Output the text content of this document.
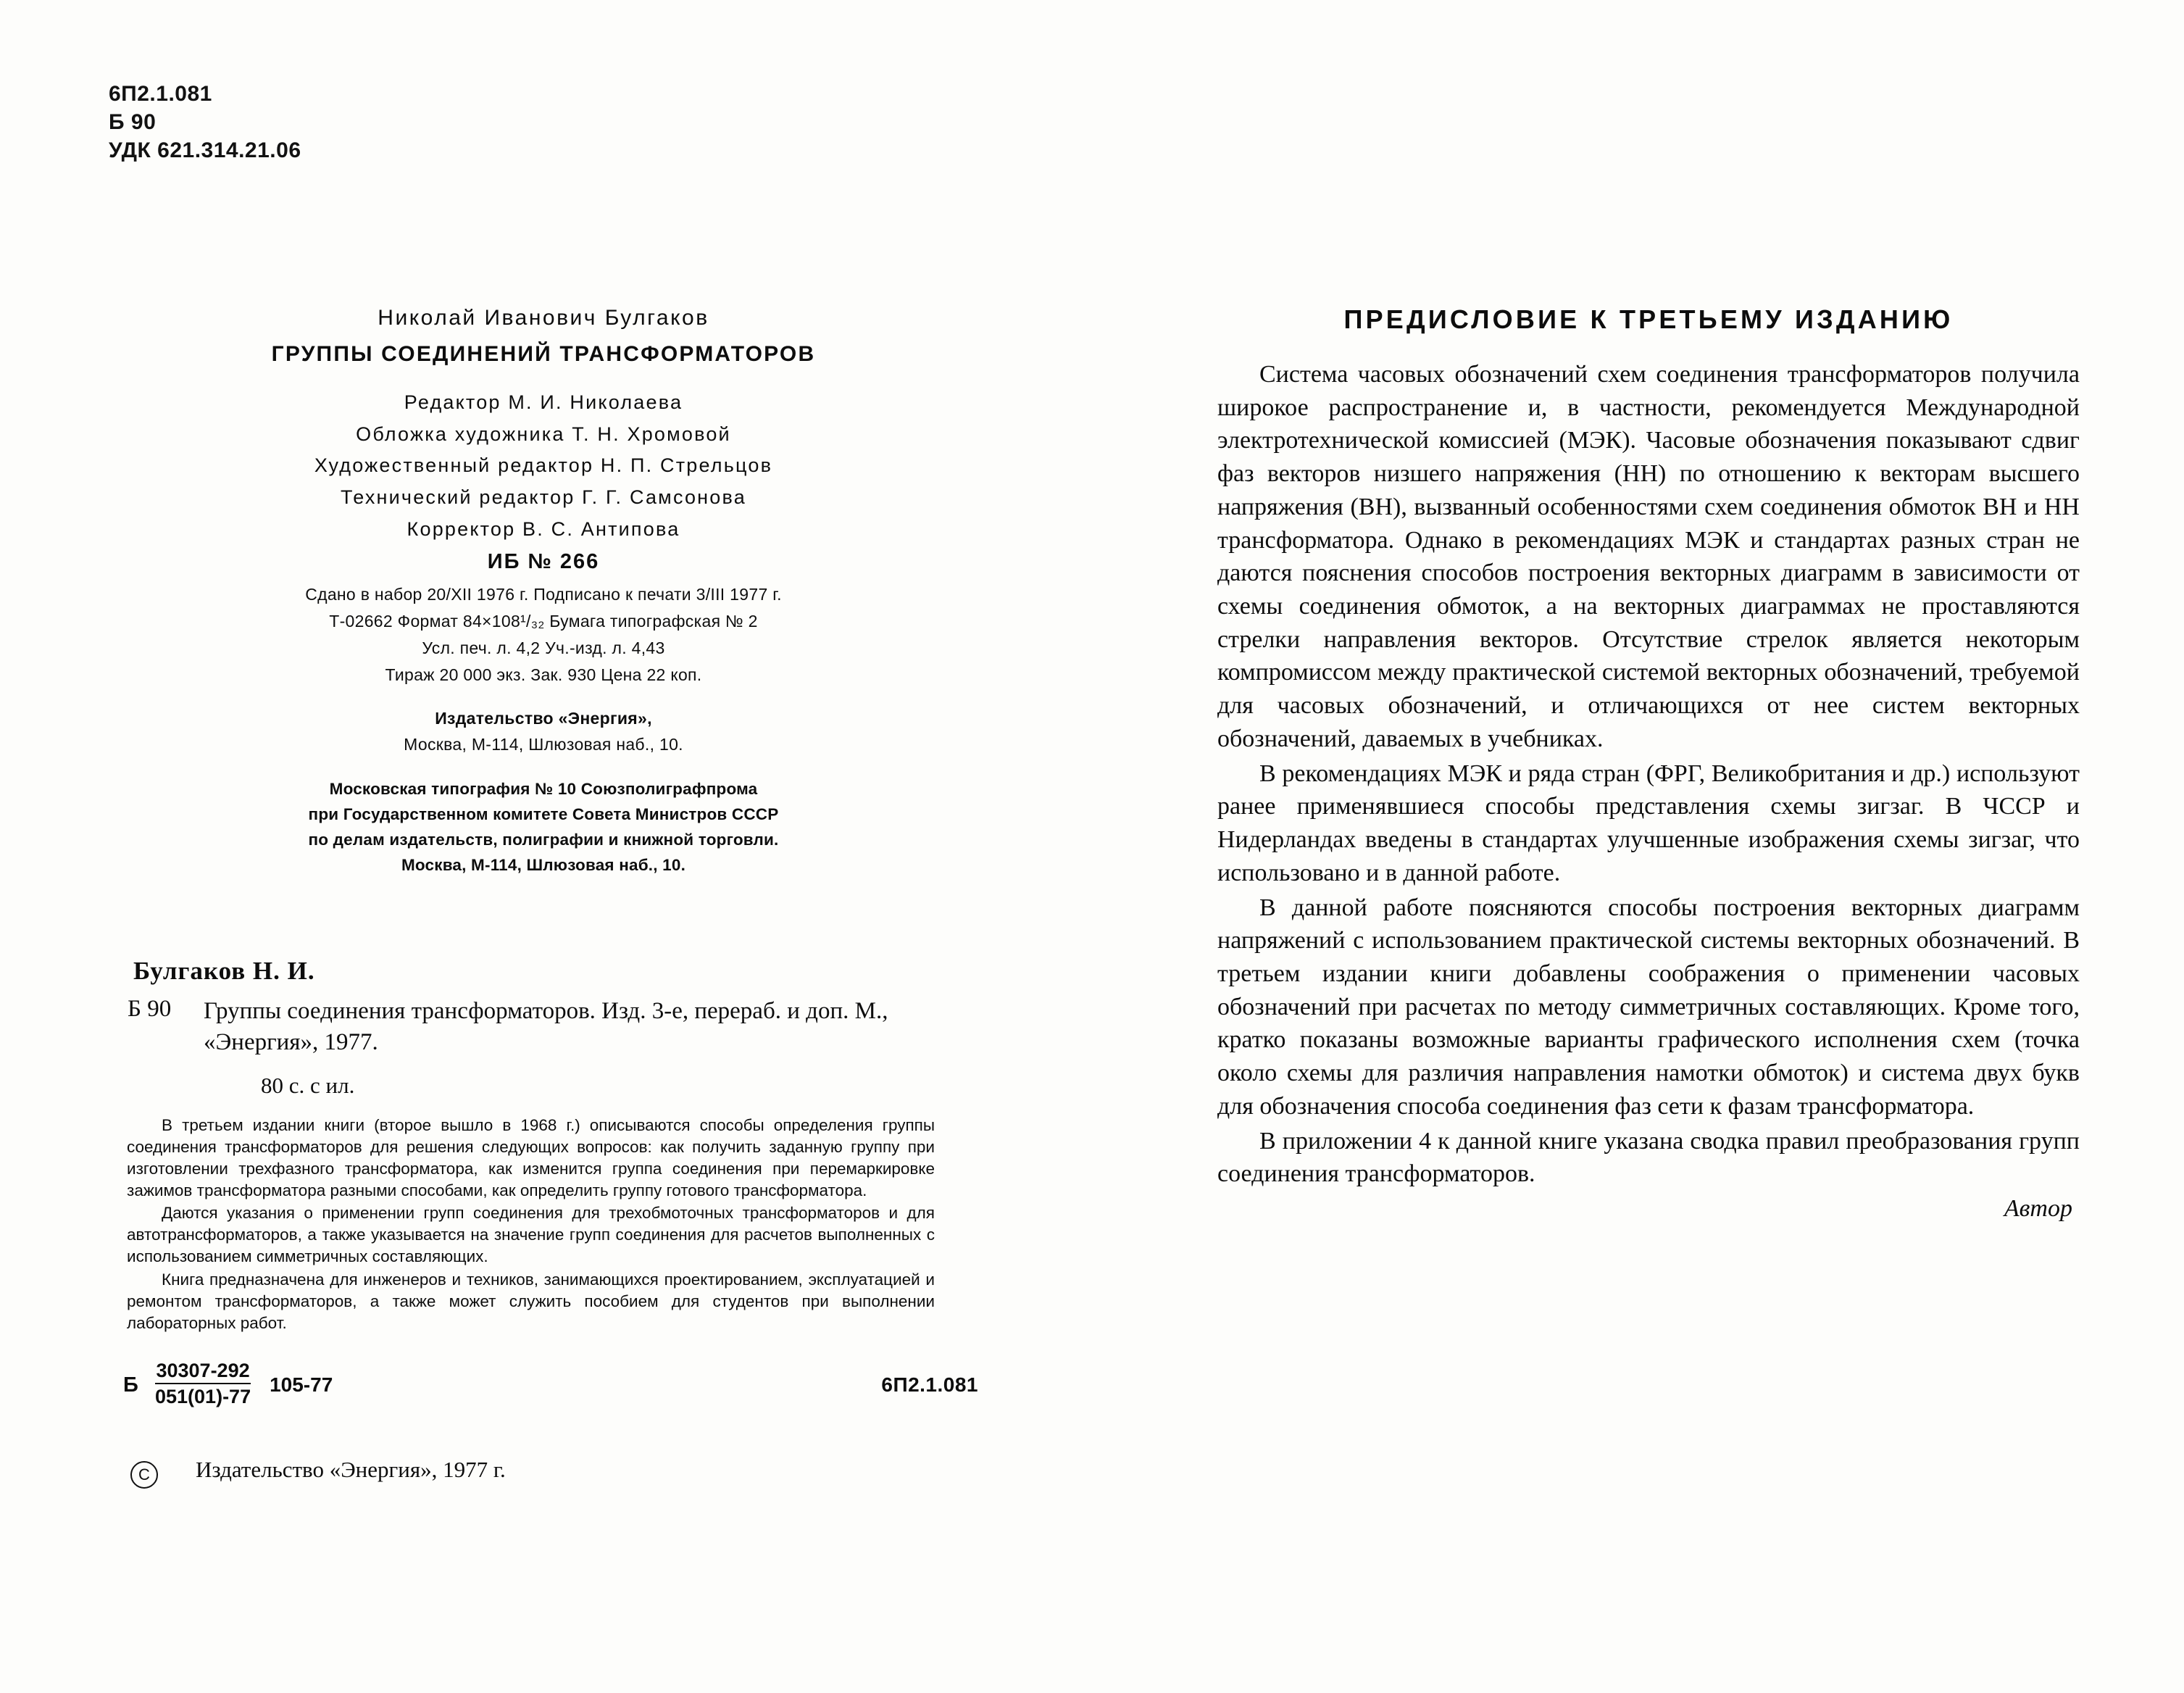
6П2.1.081
Б 90
УДК 621.314.21.06
Николай Иванович Булгаков
ГРУППЫ СОЕДИНЕНИЙ ТРАНСФОРМАТОРОВ
Редактор М. И. Николаева
Обложка художника Т. Н. Хромовой
Художественный редактор Н. П. Стрельцов
Технический редактор Г. Г. Самсонова
Корректор В. С. Антипова
ИБ № 266
Сдано в набор 20/XII 1976 г. Подписано к печати 3/III 1977 г.
Т-02662 Формат 84×108¹/₃₂ Бумага типографская № 2
Усл. печ. л. 4,2 Уч.-изд. л. 4,43
Тираж 20 000 экз. Зак. 930 Цена 22 коп.
Издательство «Энергия»,
Москва, М-114, Шлюзовая наб., 10.
Московская типография № 10 Союзполиграфпрома
при Государственном комитете Совета Министров СССР
по делам издательств, полиграфии и книжной торговли.
Москва, М-114, Шлюзовая наб., 10.
Булгаков Н. И.
Б 90	Группы соединения трансформаторов. Изд. 3-е, перераб. и доп. М., «Энергия», 1977.
80 с. с ил.

В третьем издании книги (второе вышло в 1968 г.) описываются способы определения группы соединения трансформаторов для решения следующих вопросов: как получить заданную группу при изготовлении трехфазного трансформатора, как изменится группа соединения при перемаркировке зажимов трансформатора разными способами, как определить группу готового трансформатора.

Даются указания о применении групп соединения для трехобмоточных трансформаторов и для автотрансформаторов, а также указывается на значение групп соединения для расчетов выполненных с использованием симметричных составляющих.

Книга предназначена для инженеров и техников, занимающихся проектированием, эксплуатацией и ремонтом трансформаторов, а также может служить пособием для студентов при выполнении лабораторных работ.

Б $\frac{30307-292}{051(01)-77} 105-77$	6П2.1.081
C	Издательство «Энергия», 1977 г.
ПРЕДИСЛОВИЕ К ТРЕТЬЕМУ ИЗДАНИЮ

Система часовых обозначений схем соединения трансформаторов получила широкое распространение и, в частности, рекомендуется Международной электротехнической комиссией (МЭК). Часовые обозначения показывают сдвиг фаз векторов низшего напряжения (НН) по отношению к векторам высшего напряжения (ВН), вызванный особенностями схем соединения обмоток ВН и НН трансформатора. Однако в рекомендациях МЭК и стандартах разных стран не даются пояснения способов построения векторных диаграмм в зависимости от схемы соединения обмоток, а на векторных диаграммах не проставляются стрелки направления векторов. Отсутствие стрелок является некоторым компромиссом между практической системой векторных обозначений, требуемой для часовых обозначений, и отличающихся от нее систем векторных обозначений, даваемых в учебниках.

В рекомендациях МЭК и ряда стран (ФРГ, Великобритания и др.) используют ранее применявшиеся способы представления схемы зигзаг. В ЧССР и Нидерландах введены в стандартах улучшенные изображения схемы зигзаг, что использовано и в данной работе.

В данной работе поясняются способы построения векторных диаграмм напряжений с использованием практической системы векторных обозначений. В третьем издании книги добавлены соображения о применении часовых обозначений при расчетах по методу симметричных составляющих. Кроме того, кратко показаны возможные варианты графического исполнения схем (точка около схемы для различия направления намотки обмоток) и система двух букв для обозначения способа соединения фаз сети к фазам трансформатора.

В приложении 4 к данной книге указана сводка правил преобразования групп соединения трансформаторов.

Автор
